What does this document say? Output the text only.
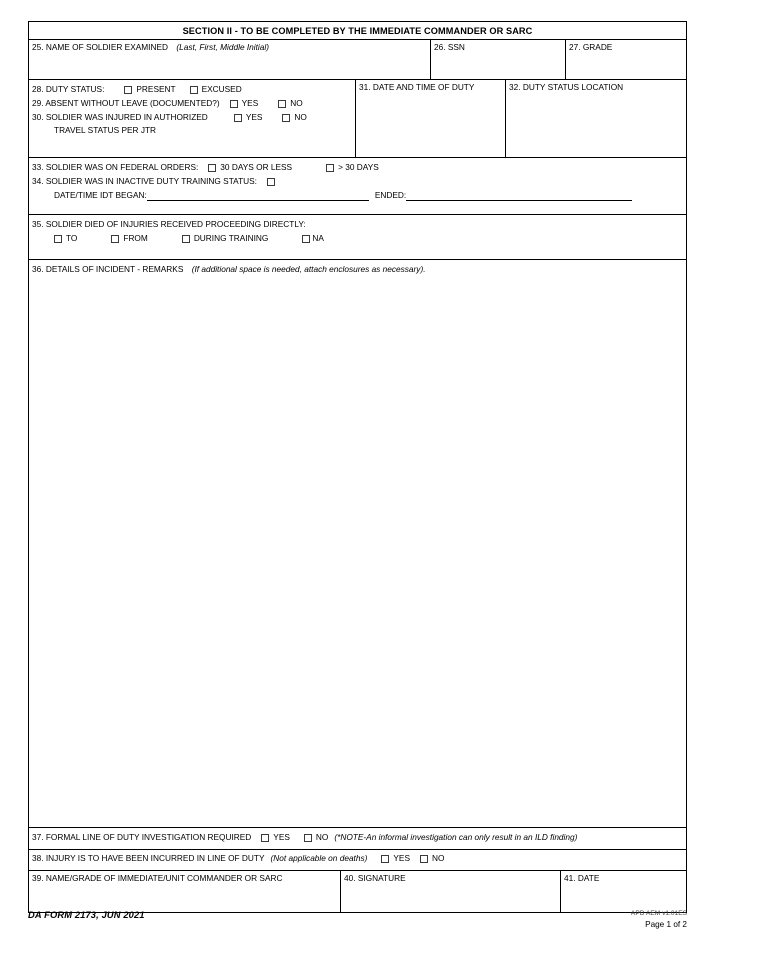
SECTION II - TO BE COMPLETED BY THE IMMEDIATE COMMANDER OR SARC
25. NAME OF SOLDIER EXAMINED (Last, First, Middle Initial)	26. SSN	27. GRADE
28. DUTY STATUS:	PRESENT	EXCUSED
29. ABSENT WITHOUT LEAVE (DOCUMENTED?)	YES	NO
30. SOLDIER WAS INJURED IN AUTHORIZED	YES	NO
TRAVEL STATUS PER JTR
31. DATE AND TIME OF DUTY	32. DUTY STATUS LOCATION
33. SOLDIER WAS ON FEDERAL ORDERS:	30 DAYS OR LESS	> 30 DAYS
34. SOLDIER WAS IN INACTIVE DUTY TRAINING STATUS:
DATE/TIME IDT BEGAN:	ENDED:
35. SOLDIER DIED OF INJURIES RECEIVED PROCEEDING DIRECTLY:
TO	FROM	DURING TRAINING	NA
36. DETAILS OF INCIDENT - REMARKS (If additional space is needed, attach enclosures as necessary).
37. FORMAL LINE OF DUTY INVESTIGATION REQUIRED	YES	NO (*NOTE-An informal investigation can only result in an ILD finding)
38. INJURY IS TO HAVE BEEN INCURRED IN LINE OF DUTY (Not applicable on deaths)	YES	NO
39. NAME/GRADE OF IMMEDIATE/UNIT COMMANDER OR SARC	40. SIGNATURE	41. DATE
DA FORM 2173, JUN 2021	APD AEM v1.01ES
Page 1 of 2
